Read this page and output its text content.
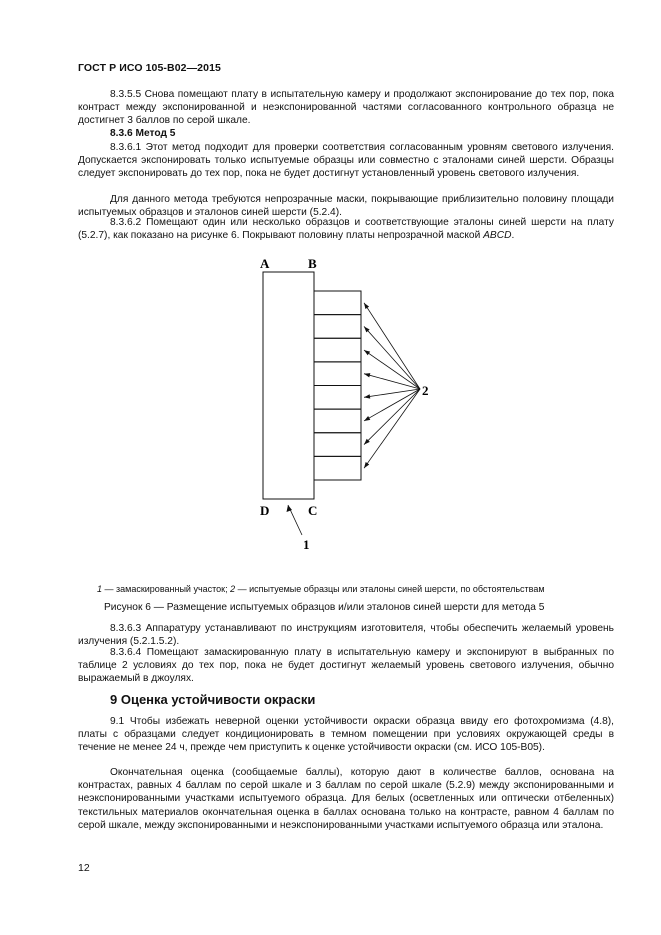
ГОСТ Р ИСО 105-В02—2015

8.3.5.5 Снова помещают плату в испытательную камеру и продолжают экспонирование до тех пор, пока контраст между экспонированной и неэкспонированной частями согласованного контрольного образца не достигнет 3 баллов по серой шкале.

8.3.6 Метод 5

8.3.6.1 Этот метод подходит для проверки соответствия согласованным уровням светового излучения. Допускается экспонировать только испытуемые образцы или совместно с эталонами синей шерсти. Образцы следует экспонировать до тех пор, пока не будет достигнут установленный уровень светового излучения.

Для данного метода требуются непрозрачные маски, покрывающие приблизительно половину площади испытуемых образцов и эталонов синей шерсти (5.2.4).

8.3.6.2 Помещают один или несколько образцов и соответствующие эталоны синей шерсти на плату (5.2.7), как показано на рисунке 6. Покрывают половину платы непрозрачной маской ABCD.

A	B
2
D	C
1
1 — замаскированный участок; 2 — испытуемые образцы или эталоны синей шерсти, по обстоятельствам
Рисунок 6 — Размещение испытуемых образцов и/или эталонов синей шерсти для метода 5

8.3.6.3 Аппаратуру устанавливают по инструкциям изготовителя, чтобы обеспечить желаемый уровень излучения (5.2.1.5.2).

8.3.6.4 Помещают замаскированную плату в испытательную камеру и экспонируют в выбранных по таблице 2 условиях до тех пор, пока не будет достигнут желаемый уровень светового излучения, обычно выражаемый в джоулях.

9 Оценка устойчивости окраски

9.1 Чтобы избежать неверной оценки устойчивости окраски образца ввиду его фотохромизма (4.8), платы с образцами следует кондиционировать в темном помещении при условиях окружающей среды в течение не менее 24 ч, прежде чем приступить к оценке устойчивости окраски (см. ИСО 105-В05).

Окончательная оценка (сообщаемые баллы), которую дают в количестве баллов, основана на контрастах, равных 4 баллам по серой шкале и 3 баллам по серой шкале (5.2.9) между экспонированными и неэкспонированными участками испытуемого образца. Для белых (осветленных или оптически отбеленных) текстильных материалов окончательная оценка в баллах основана только на контрасте, равном 4 баллам по серой шкале, между экспонированными и неэкспонированными участками испытуемого образца или эталона.

12
